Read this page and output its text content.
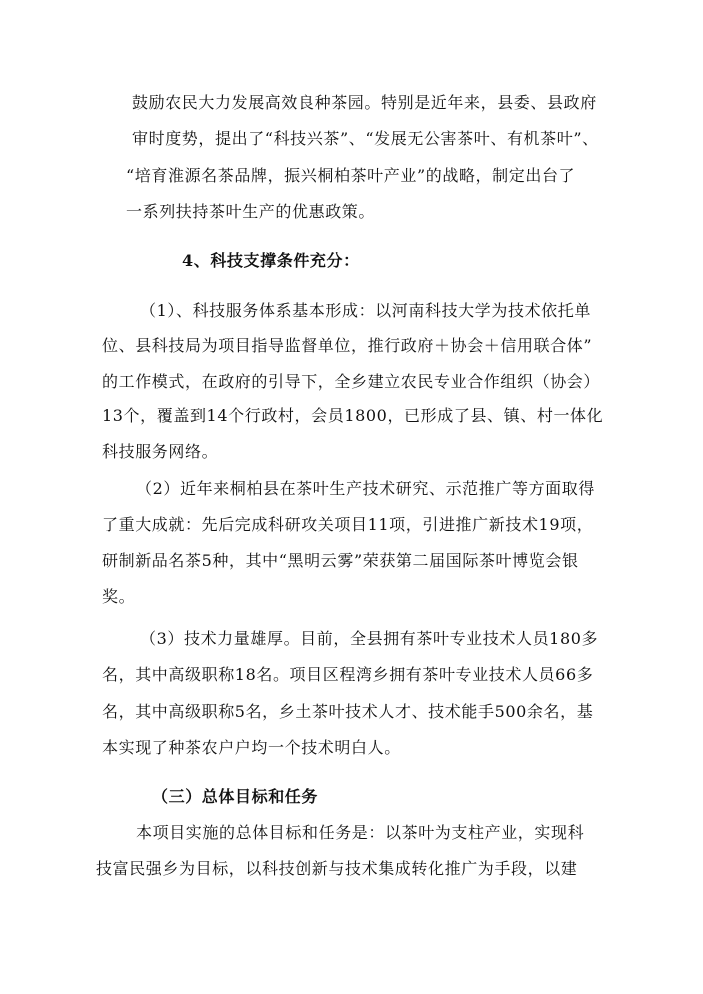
鼓励农民大力发展高效良种茶园。特别是近年来，县委、县政府
审时度势，提出了“科技兴茶”、“发展无公害茶叶、有机茶叶”、
“培育淮源名茶品牌，振兴桐柏茶叶产业”的战略，制定出台了
一系列扶持茶叶生产的优惠政策。
4、科技支撑条件充分：
（1）、科技服务体系基本形成：以河南科技大学为技术依托单
位、县科技局为项目指导监督单位，推行政府＋协会＋信用联合体”
的工作模式，在政府的引导下，全乡建立农民专业合作组织（协会）
13个，覆盖到14个行政村，会员1800，已形成了县、镇、村一体化
科技服务网络。
（2）近年来桐柏县在茶叶生产技术研究、示范推广等方面取得
了重大成就：先后完成科研攻关项目11项，引进推广新技术19项，
研制新品名茶5种，其中“黑明云雾”荣获第二届国际茶叶博览会银
奖。
（3）技术力量雄厚。目前，全县拥有茶叶专业技术人员180多
名，其中高级职称18名。项目区程湾乡拥有茶叶专业技术人员66多
名，其中高级职称5名，乡土茶叶技术人才、技术能手500余名，基
本实现了种茶农户户均一个技术明白人。
（三）总体目标和任务
本项目实施的总体目标和任务是：以茶叶为支柱产业，实现科
技富民强乡为目标，以科技创新与技术集成转化推广为手段，以建
